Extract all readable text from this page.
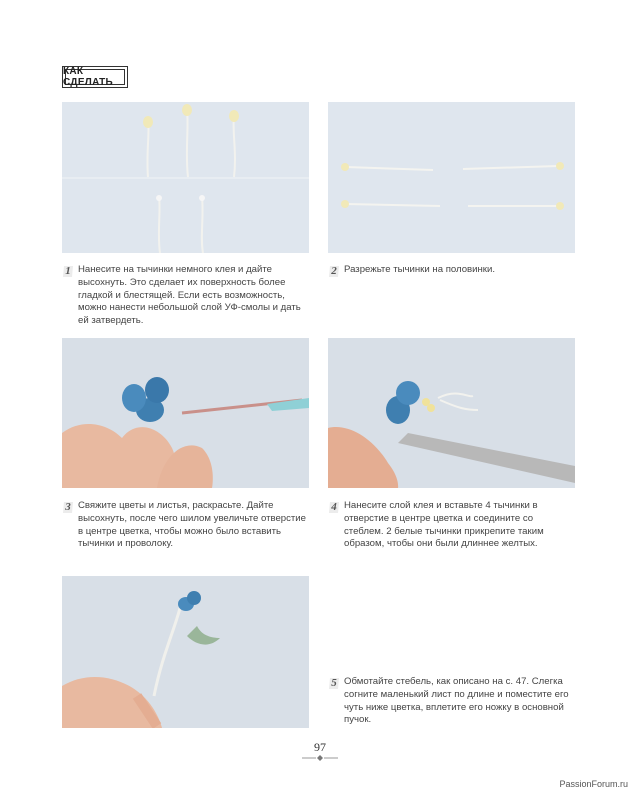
КАК СДЕЛАТЬ
1 Нанесите на тычинки немного клея и дайте высохнуть. Это сделает их поверхность более гладкой и блестящей. Если есть возможность, можно нанести небольшой слой УФ-смолы и дать ей затвердеть.

2 Разрежьте тычинки на половинки.

3 Свяжите цветы и листья, раскрасьте. Дайте высохнуть, после чего шилом увеличьте отверстие в центре цветка, чтобы можно было вставить тычинки и проволоку.

4 Нанесите слой клея и вставьте 4 тычинки в отверстие в центре цветка и соедините со стеблем. 2 белые тычинки прикрепите таким образом, чтобы они были длиннее желтых.

5 Обмотайте стебель, как описано на с. 47. Слегка согните маленький лист по длине и поместите его чуть ниже цветка, вплетите его ножку в основной пучок.

97
PassionForum.ru
